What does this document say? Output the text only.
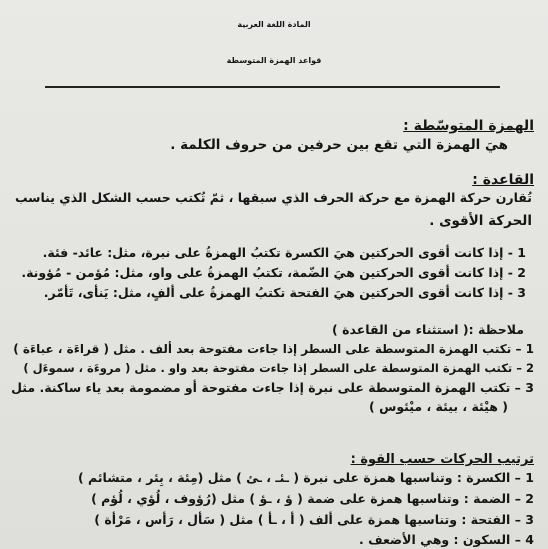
المادة اللغة العربية
قواعد الهمزة المتوسطة
الهمزة المتوسّطة :
هيَ الهمزة التي تقع بين حرفين من حروف الكلمة .
القاعدة :
تُقارن حركة الهمزة مع حركة الحرف الذي سبقها ، ثمّ تُكتب حسب الشكل الذي يناسب
الحركة الأقوى .
1 - إذا كانت أقوى الحركتين هيَ الكسرة تكتبُ الهمزةُ على نبرة، مثل: عائد- فئة.
2 - إذا كانت أقوى الحركتين هيَ الضّمة، تكتبُ الهمزةُ على واو، مثل: مُؤمن - مُؤونة.
3 - إذا كانت أقوى الحركتين هيَ الفتحة تكتبُ الهمزةُ على ألفٍ، مثل: يَنأى، تَأمّر.
ملاحظة :( استثناء من القاعدة )
1 – تكتب الهمزة المتوسطة على السطر إذا جاءت مفتوحة بعد ألف . مثل ( قراءَة ، عباءَة )
2 – تكتب الهمزة المتوسطة على السطر إذا جاءت مفتوحة بعد واو . مثل ( مروءَة ، سموءَل )
3 – تكتب الهمزة المتوسطة على نبرة إذا جاءت مفتوحة أو مضمومة بعد ياء ساكنة. مثل
( هيْئة ، بيئة ، ميْئوس )
ترتيب الحركات حسب القوة :
1 – الكسرة : وتناسبها همزة على نبرة ( ـئـ ، ـئ ) مثل (مِئة ، بِئر ، متشائم )
2 – الضمة : وتناسبها همزة على ضمة ( ؤ ، ـؤ ) مثل (رُؤوف ، لُؤي ، لُؤم )
3 – الفتحة : وتناسبها همزة على ألف ( أ ، ـأ ) مثل ( سَأل ، رَأس ، مَرْأة )
4 – السكون : وهي الأضعف .
